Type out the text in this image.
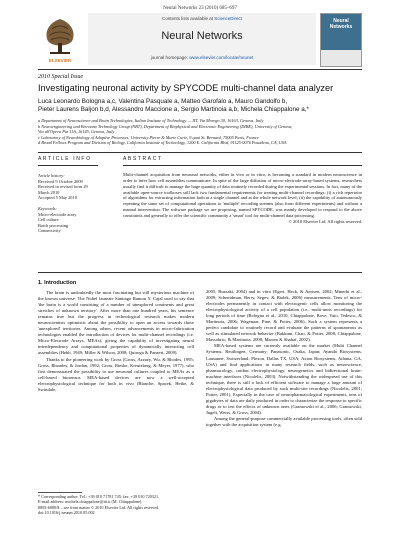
Neural Networks 23 (2010) 685–697
ELSEVIER
Contents lists available at ScienceDirect
Neural Networks
journal homepage: www.elsevier.com/locate/neunet
Neural Networks
2010 Special Issue
Investigating neuronal activity by SPYCODE multi-channel data analyzer
Luca Leonardo Bologna a,c, Valentina Pasquale a, Matteo Garofalo a, Mauro Gandolfo b,
Pieter Laurens Baljon b,d, Alessandro Maccione a, Sergio Martinoia a,b, Michela Chiappalone a,*
a Department of Neuroscience and Brain Technologies, Italian Institute of Technology — IIT, Via Morego 30, 16163, Genova, Italy
b Neuroengineering and Bio-nano Technology Group (NBT), Department of Biophysical and Electronic Engineering (DIBE), University of Genova,
Via all'Opera Pia 11A, 16145, Genova, Italy
c Laboratory of Neurobiology of Adaptive Processes, University Pierre & Marie Curie, 9 quai St. Bernard, 75005 Paris, France
d Broad Fellows Program and Division of Biology, California Institute of Technology, 1200 E. California Blvd, 91125-0076 Pasadena, CA, USA
ARTICLE INFO	ABSTRACT
Article history:
Received 9 October 2009
Received in revised form 29 March 2010
Accepted 5 May 2010
Keywords:
Micro-electrode array
Cell culture
Batch processing
Connectivity
Multi-channel acquisition from neuronal networks, either in vivo or in vitro, is becoming a standard in modern neuroscience in order to infer how cell assemblies communicate. In spite of the large diffusion of micro-electrode-array-based systems, researchers usually find it difficult to manage the huge quantity of data routinely recorded during the experimental sessions. In fact, many of the available open-source toolboxes still lack two fundamental requirements for treating multi-channel recordings: (i) a rich repertoire of algorithms for extracting information both at a single channel and at the whole network level; (ii) the capability of autonomously repeating the same set of computational operations to 'multiple' recording streams (also from different experiments) and without a manual intervention. The software package we are proposing, named SPYCODE, was mainly developed to respond to the above constraints and generally to offer the scientific community a 'smart' tool for multi-channel data processing.
© 2010 Elsevier Ltd. All rights reserved.
1. Introduction

The brain is undoubtedly the most fascinating but still mysterious machine of the known universe. The Nobel laureate Santiago Ramon Y. Cajal used to say that 'the brain is a world consisting of a number of unexplored continents and great stretches of unknown territory'. After more than one hundred years, his sentence remains true but the progress in technological research makes modern neuroscientists optimistic about the possibility to open an access towards those 'unexplored' territories. Among others, recent advancements in micro-fabrication technologies enabled the introduction of devices for multi-channel recordings (i.e. Micro-Electrode Arrays, MEAs), giving the capability of investigating neural interdependency and computational properties of dynamically interacting cell assemblies (Hebb, 1949; Miller & Wilson, 2008; Quiroga & Panzeri, 2009).

Thanks to the pioneering work by Gross (Gross, Azzazy, Wu, & Rhodes, 1995; Gross, Rhoades, & Jordan, 1992; Gross, Rieske, Kreutzberg, & Meyer, 1977), who first demonstrated the possibility to use neuronal cultures coupled to MEAs as a cell-based biosensor, MEA-based devices are now a well-accepted electrophysiological technique for both in vivo (Blanche, Spacek, Hetke, & Swindale,

2005; Buzsaki, 2004) and in vitro (Egert, Heck, & Aertsen, 2002; Minerbi et al., 2009; Schneidman, Berry, Segev, & Bialek, 2006) measurements. Tens of micro-electrodes permanently in contact with electrogenic cells allow monitoring the electrophysiological activity of a cell population (i.e., multi-units recordings) for long periods of time (Bologna et al., 2010; Chiappalone, Bove, Vato, Tedesco, & Martinoia, 2006; Wagenaar, Pine, & Potter, 2006). Such a system represents a perfect candidate to routinely record and evaluate the patterns of spontaneous as well as stimulated network behavior (Bakkum, Chao, & Potter, 2008; Chiappalone, Massobrio, & Martinoia, 2008; Marom & Shahaf, 2002).

MEA-based systems are currently available on the market (Multi Channel Systems, Reutlingen, Germany; Panasonic, Osaka, Japan; Ayanda Biosystems, Lausanne, Switzerland; Plexon, Dallas TX, USA; Axion Biosystems, Atlanta, GA, USA) and find applications in many research fields, such as neuroscience, pharmacology, cardiac electrophysiology, neurogenetics and bidirectional brain-machine interfaces (Nicolelis, 2003). Notwithstanding the widespread use of this technique, there is still a lack of efficient software to manage a large amount of electrophysiological data produced by such multi-site recordings (Nicolelis, 2001; Potter, 2001). Especially in the case of neuropharmacological experiments, tens of gigabytes of data are daily produced in order to characterize the response to specific drugs or to test the effects of unknown ones (Gramowski et al., 2006; Gramowski, Jugelt, Weiss, & Gross, 2004).

Among the general-purpose commercially available processing tools, often sold together with the acquisition system (e.g.

* Corresponding author. Tel.: +39 010 71781 745; fax: +39 010 720321.
E-mail address: michela.chiappalone@iit.it (M. Chiappalone).
0893-6080/$ – see front matter © 2010 Elsevier Ltd. All rights reserved.
doi:10.1016/j.neunet.2010.05.002
